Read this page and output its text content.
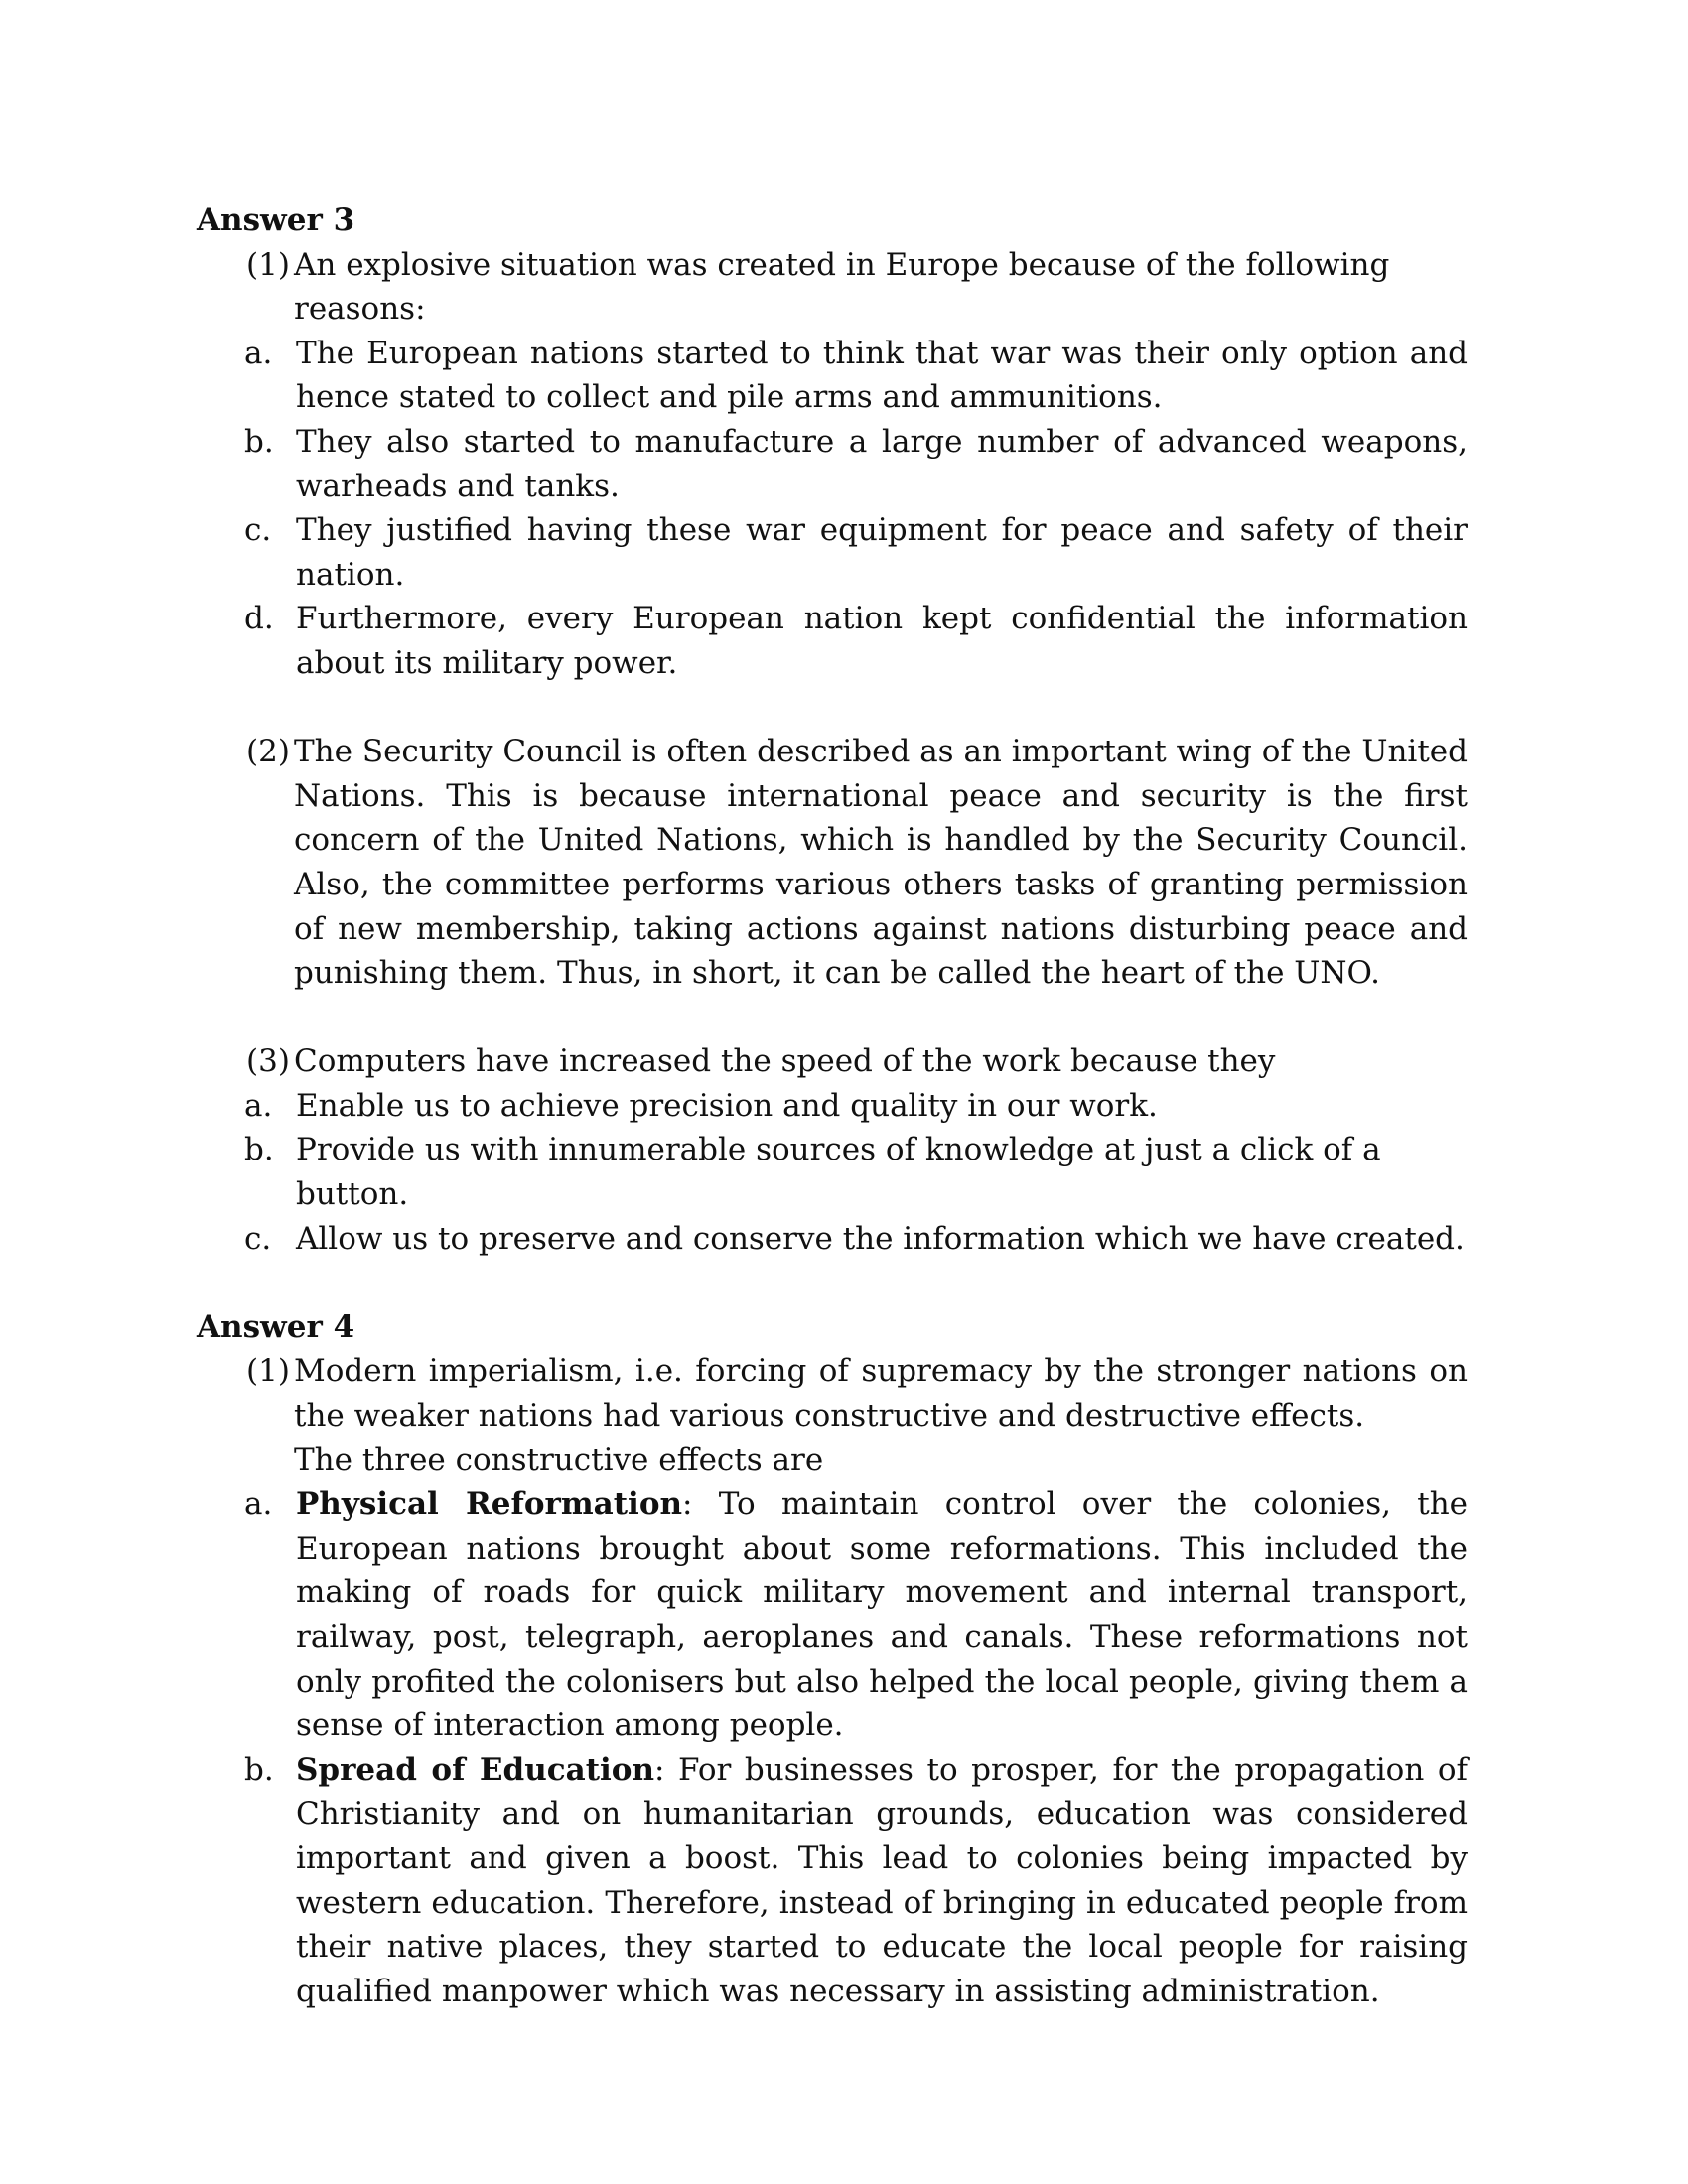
Answer 3

(1) An explosive situation was created in Europe because of the following reasons:
a. The European nations started to think that war was their only option and hence stated to collect and pile arms and ammunitions.
b. They also started to manufacture a large number of advanced weapons, warheads and tanks.
c. They justified having these war equipment for peace and safety of their nation.
d. Furthermore, every European nation kept confidential the information about its military power.
(2) The Security Council is often described as an important wing of the United Nations. This is because international peace and security is the first concern of the United Nations, which is handled by the Security Council. Also, the committee performs various others tasks of granting permission of new membership, taking actions against nations disturbing peace and punishing them. Thus, in short, it can be called the heart of the UNO.
(3) Computers have increased the speed of the work because they
a. Enable us to achieve precision and quality in our work.
b. Provide us with innumerable sources of knowledge at just a click of a button.
c. Allow us to preserve and conserve the information which we have created.

Answer 4

(1) Modern imperialism, i.e. forcing of supremacy by the stronger nations on the weaker nations had various constructive and destructive effects.
The three constructive effects are
a. Physical Reformation: To maintain control over the colonies, the European nations brought about some reformations. This included the making of roads for quick military movement and internal transport, railway, post, telegraph, aeroplanes and canals. These reformations not only profited the colonisers but also helped the local people, giving them a sense of interaction among people.
b. Spread of Education: For businesses to prosper, for the propagation of Christianity and on humanitarian grounds, education was considered important and given a boost. This lead to colonies being impacted by western education. Therefore, instead of bringing in educated people from their native places, they started to educate the local people for raising qualified manpower which was necessary in assisting administration.
